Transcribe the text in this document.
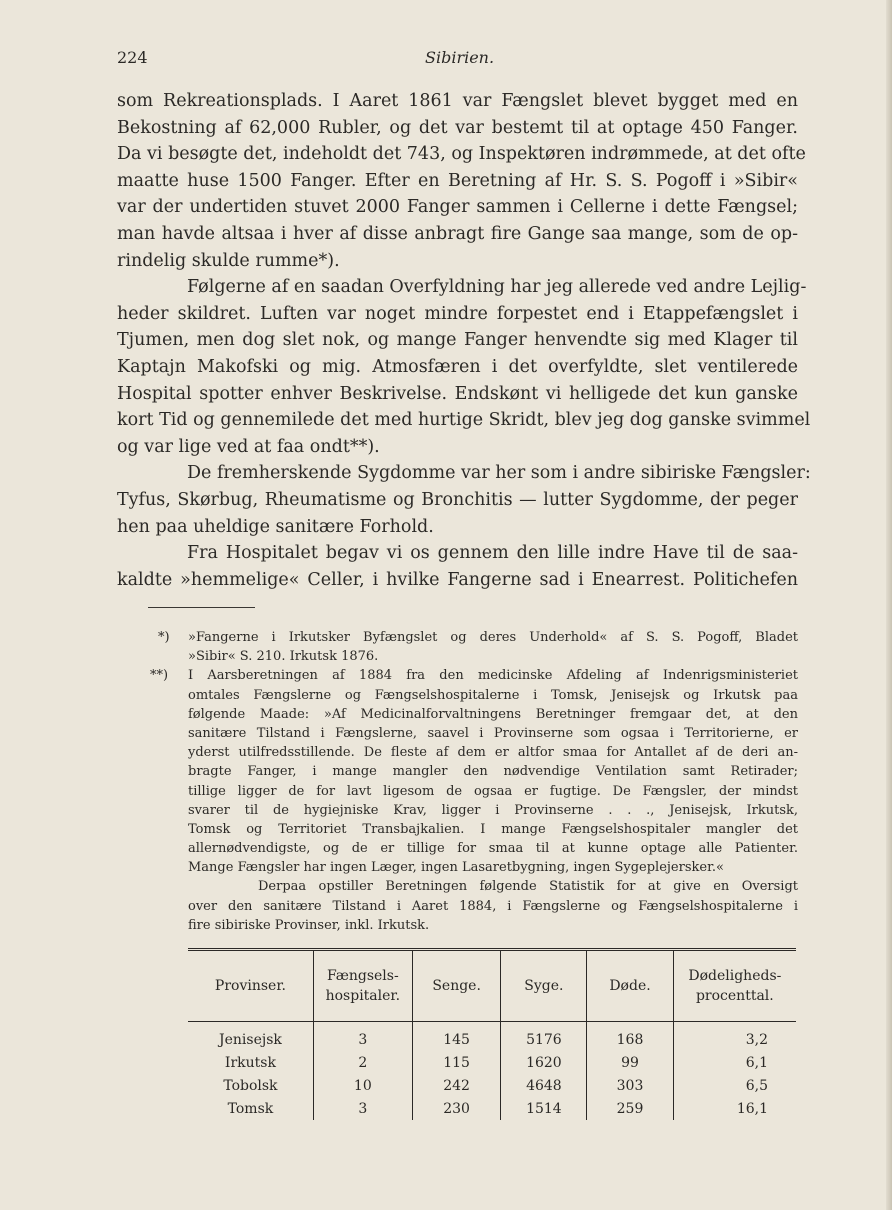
224	Sibirien.
som Rekreationsplads. I Aaret 1861 var Fængslet blevet bygget med en
Bekostning af 62,000 Rubler, og det var bestemt til at optage 450 Fanger.
Da vi besøgte det, indeholdt det 743, og Inspektøren indrømmede, at det ofte
maatte huse 1500 Fanger. Efter en Beretning af Hr. S. S. Pogoff i »Sibir«
var der undertiden stuvet 2000 Fanger sammen i Cellerne i dette Fængsel;
man havde altsaa i hver af disse anbragt fire Gange saa mange, som de op-
rindelig skulde rumme*).
Følgerne af en saadan Overfyldning har jeg allerede ved andre Lejlig-
heder skildret. Luften var noget mindre forpestet end i Etappefængslet i
Tjumen, men dog slet nok, og mange Fanger henvendte sig med Klager til
Kaptajn Makofski og mig. Atmosfæren i det overfyldte, slet ventilerede
Hospital spotter enhver Beskrivelse. Endskønt vi helligede det kun ganske
kort Tid og gennemilede det med hurtige Skridt, blev jeg dog ganske svimmel
og var lige ved at faa ondt**).
De fremherskende Sygdomme var her som i andre sibiriske Fængsler:
Tyfus, Skørbug, Rheumatisme og Bronchitis — lutter Sygdomme, der peger
hen paa uheldige sanitære Forhold.
Fra Hospitalet begav vi os gennem den lille indre Have til de saa-
kaldte »hemmelige« Celler, i hvilke Fangerne sad i Enearrest. Politichefen
*) »Fangerne i Irkutsker Byfængslet og deres Underhold« af S. S. Pogoff, Bladet
»Sibir« S. 210. Irkutsk 1876.
**) I Aarsberetningen af 1884 fra den medicinske Afdeling af Indenrigsministeriet
omtales Fængslerne og Fængselshospitalerne i Tomsk, Jenisejsk og Irkutsk paa
følgende Maade: »Af Medicinalforvaltningens Beretninger fremgaar det, at den
sanitære Tilstand i Fængslerne, saavel i Provinserne som ogsaa i Territorierne, er
yderst utilfredsstillende. De fleste af dem er altfor smaa for Antallet af de deri an-
bragte Fanger, i mange mangler den nødvendige Ventilation samt Retirader;
tillige ligger de for lavt ligesom de ogsaa er fugtige. De Fængsler, der mindst
svarer til de hygiejniske Krav, ligger i Provinserne . . ., Jenisejsk, Irkutsk,
Tomsk og Territoriet Transbajkalien. I mange Fængselshospitaler mangler det
allernødvendigste, og de er tillige for smaa til at kunne optage alle Patienter.
Mange Fængsler har ingen Læger, ingen Lasaretbygning, ingen Sygeplejersker.«
Derpaa opstiller Beretningen følgende Statistik for at give en Oversigt
over den sanitære Tilstand i Aaret 1884, i Fængslerne og Fængselshospitalerne i
fire sibiriske Provinser, inkl. Irkutsk.
Provinser.	Fængsels-
hospitaler.	Senge.	Syge.	Døde.	Dødeligheds-
procenttal.
Jenisejsk	3	145	5176	168	3,2
Irkutsk	2	115	1620	99	6,1
Tobolsk	10	242	4648	303	6,5
Tomsk	3	230	1514	259	16,1
